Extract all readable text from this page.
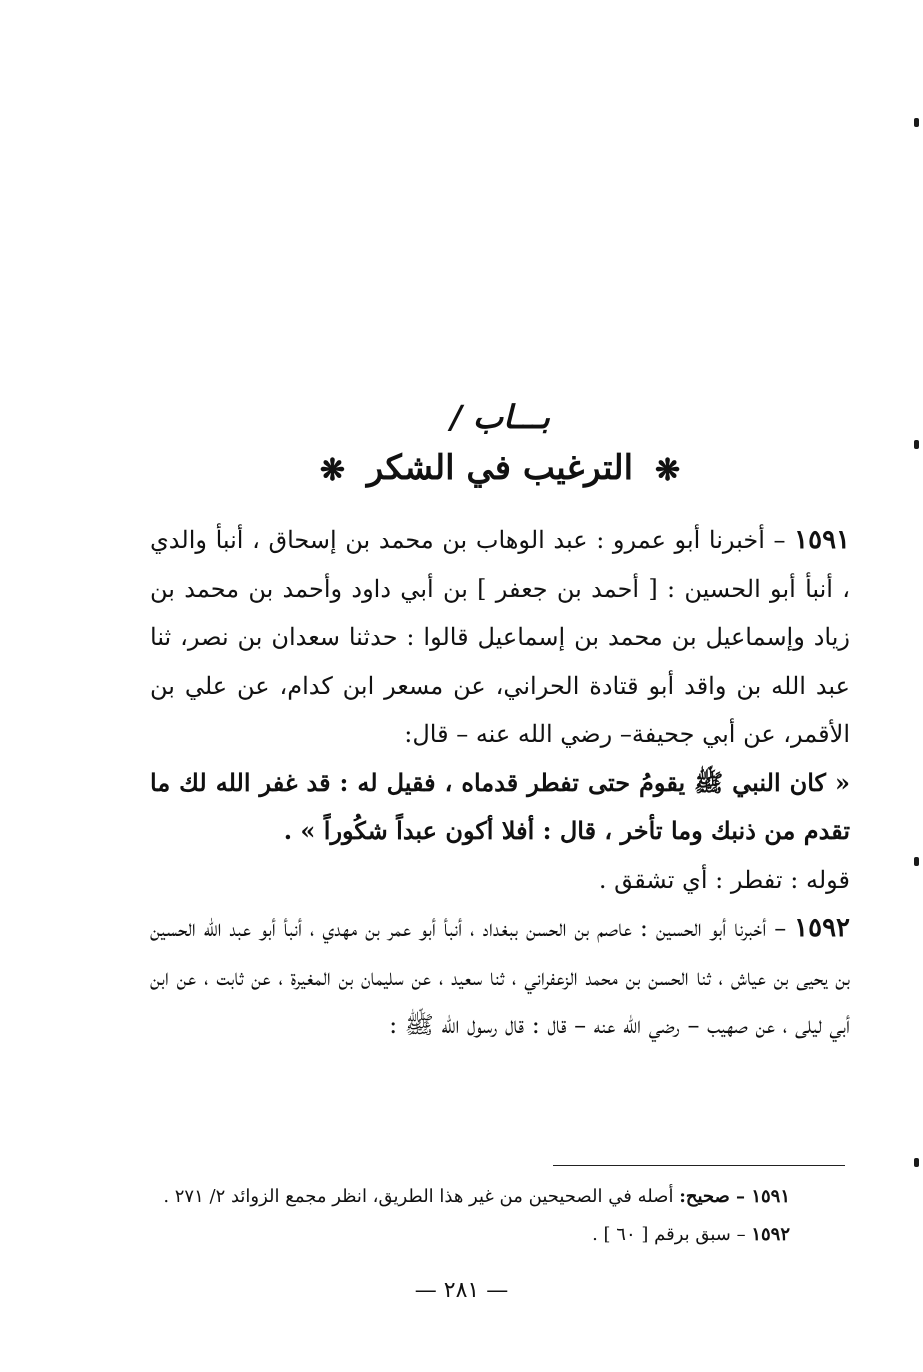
بـــاب /
❋ الترغيب في الشكر ❋

١٥٩١ – أخبرنا أبو عمرو : عبد الوهاب بن محمد بن إسحاق ، أنبأ والدي ، أنبأ أبو الحسين : [ أحمد بن جعفر ] بن أبي داود وأحمد بن محمد بن زياد وإسماعيل بن محمد بن إسماعيل قالوا : حدثنا سعدان بن نصر، ثنا عبد الله بن واقد أبو قتادة الحراني، عن مسعر ابن كدام، عن علي بن الأقمر، عن أبي جحيفة– رضي الله عنه – قال:

« كان النبي ﷺ يقومُ حتى تفطر قدماه ، فقيل له : قد غفر الله لك ما تقدم من ذنبك وما تأخر ، قال : أفلا أكون عبداً شكُوراً » .

قوله : تفطر : أي تشقق .

١٥٩٢ – أخبرنا أبو الحسين : عاصم بن الحسن ببغداد ، أنبأ أبو عمر بن مهدي ، أنبأ أبو عبد الله الحسين بن يحيى بن عياش ، ثنا الحسن بن محمد الزعفراني ، ثنا سعيد ، عن سليمان بن المغيرة ، عن ثابت ، عن ابن أبي ليلى ، عن صهيب – رضي الله عنه – قال : قال رسول الله ﷺ :

١٥٩١ – صحيح: أصله في الصحيحين من غير هذا الطريق، انظر مجمع الزوائد ٢/ ٢٧١ .

١٥٩٢ – سبق برقم [ ٦٠ ] .

— ٢٨١ —
